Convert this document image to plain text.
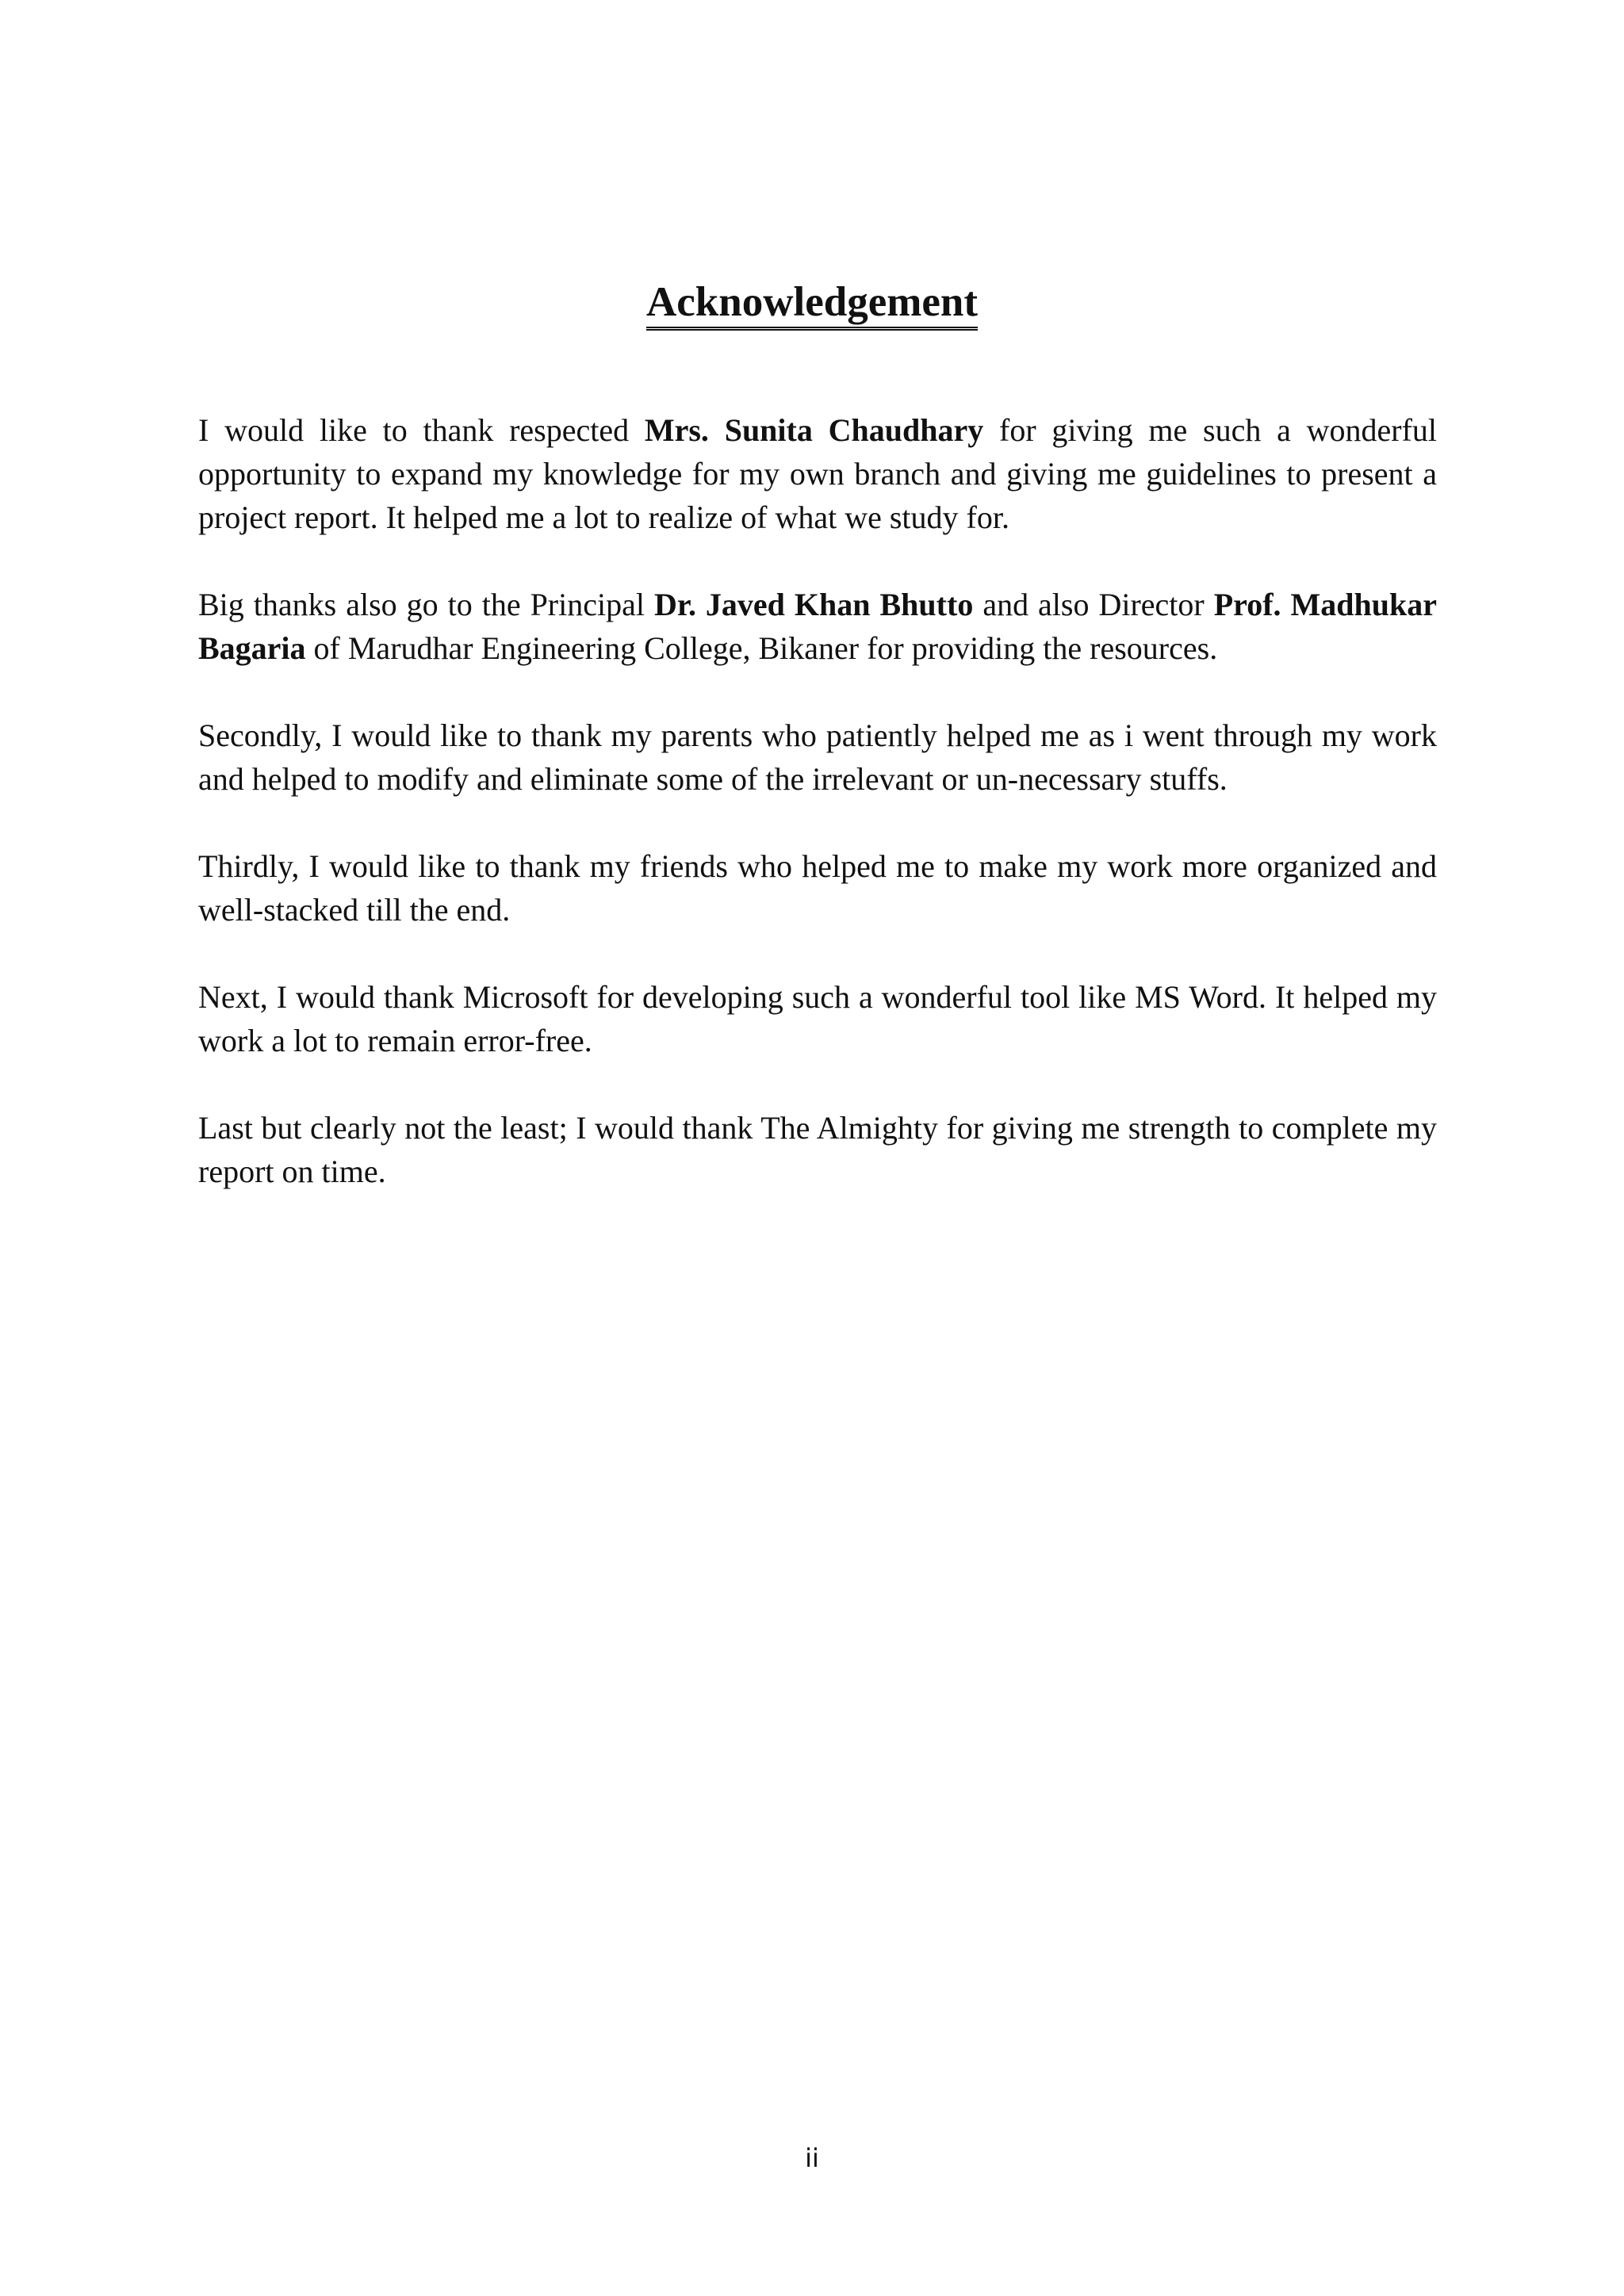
Acknowledgement

I would like to thank respected Mrs. Sunita Chaudhary for giving me such a wonderful opportunity to expand my knowledge for my own branch and giving me guidelines to present a project report. It helped me a lot to realize of what we study for.

Big thanks also go to the Principal Dr. Javed Khan Bhutto and also Director Prof. Madhukar Bagaria of Marudhar Engineering College, Bikaner for providing the resources.

Secondly, I would like to thank my parents who patiently helped me as i went through my work and helped to modify and eliminate some of the irrelevant or un-necessary stuffs.

Thirdly, I would like to thank my friends who helped me to make my work more organized and well-stacked till the end.

Next, I would thank Microsoft for developing such a wonderful tool like MS Word. It helped my work a lot to remain error-free.

Last but clearly not the least; I would thank The Almighty for giving me strength to complete my report on time.

ii
